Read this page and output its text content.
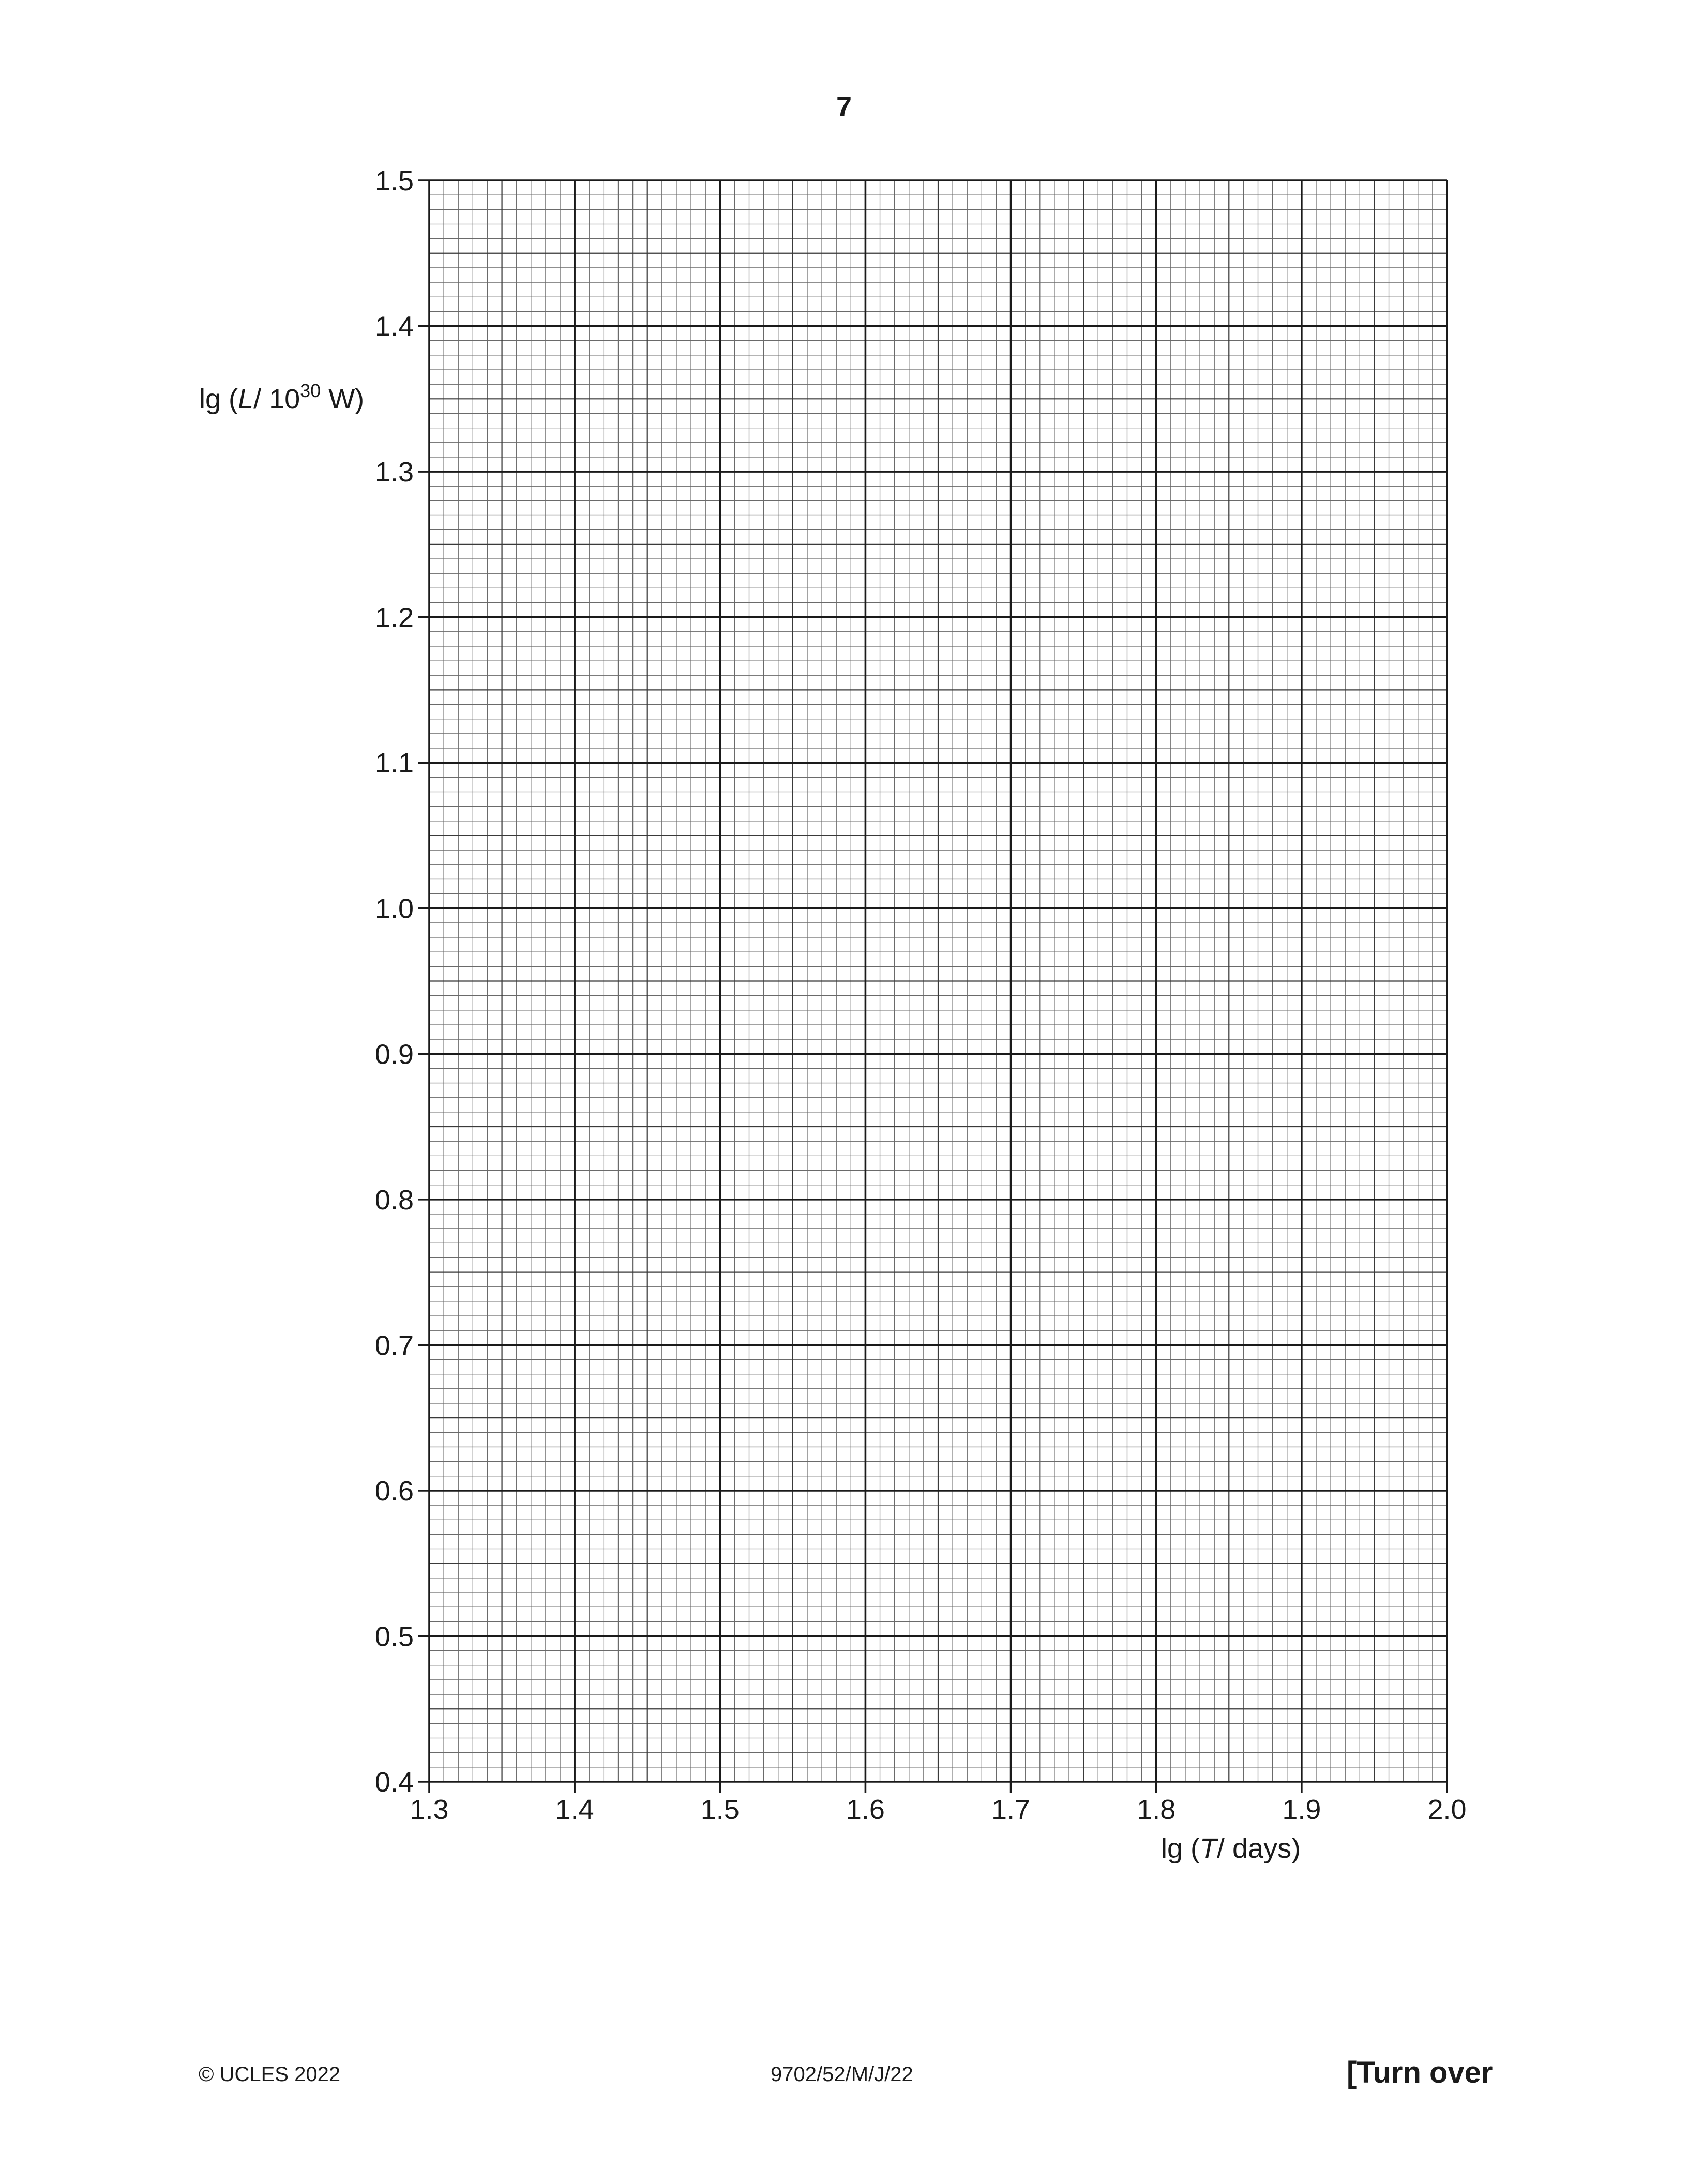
7
1.3	1.4	1.5	1.6	1.7	1.8	1.9	2.0
0.4
0.5
0.6
0.7
0.8
0.9
1.0
1.1
1.2
1.3
1.4
1.5
lg (L/ $10^{30}$ W)
lg (T/ days)
© UCLES 2022	9702/52/M/J/22	[Turn over
